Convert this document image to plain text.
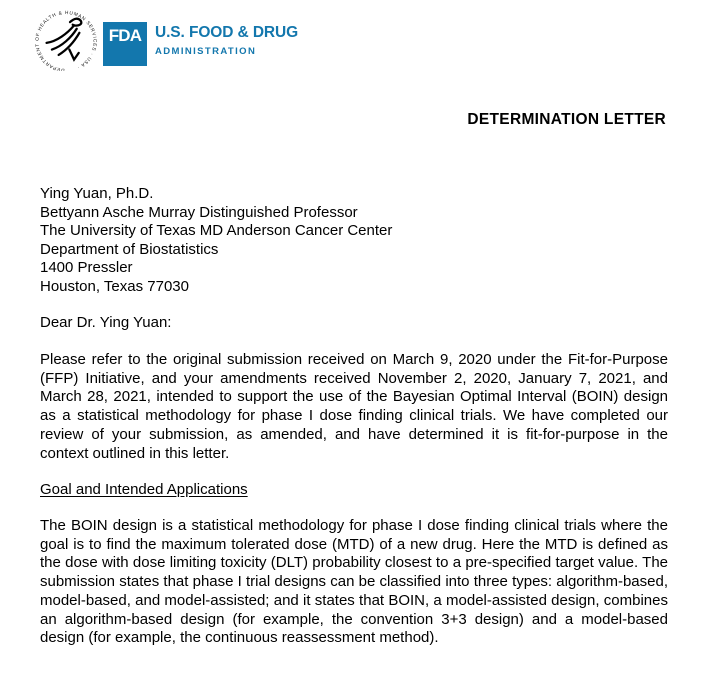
DEPARTMENT OF HEALTH & HUMAN SERVICES · USA ·
FDA U.S. FOOD & DRUG
ADMINISTRATION
DETERMINATION LETTER
Ying Yuan, Ph.D.
Bettyann Asche Murray Distinguished Professor
The University of Texas MD Anderson Cancer Center
Department of Biostatistics
1400 Pressler
Houston, Texas 77030

Dear Dr. Ying Yuan:

Please refer to the original submission received on March 9, 2020 under the Fit-for-Purpose (FFP) Initiative, and your amendments received November 2, 2020, January 7, 2021, and March 28, 2021, intended to support the use of the Bayesian Optimal Interval (BOIN) design as a statistical methodology for phase I dose finding clinical trials. We have completed our review of your submission, as amended, and have determined it is fit-for-purpose in the context outlined in this letter.

Goal and Intended Applications

The BOIN design is a statistical methodology for phase I dose finding clinical trials where the goal is to find the maximum tolerated dose (MTD) of a new drug. Here the MTD is defined as the dose with dose limiting toxicity (DLT) probability closest to a pre-specified target value. The submission states that phase I trial designs can be classified into three types: algorithm-based, model-based, and model-assisted; and it states that BOIN, a model-assisted design, combines an algorithm-based design (for example, the convention 3+3 design) and a model-based design (for example, the continuous reassessment method).
